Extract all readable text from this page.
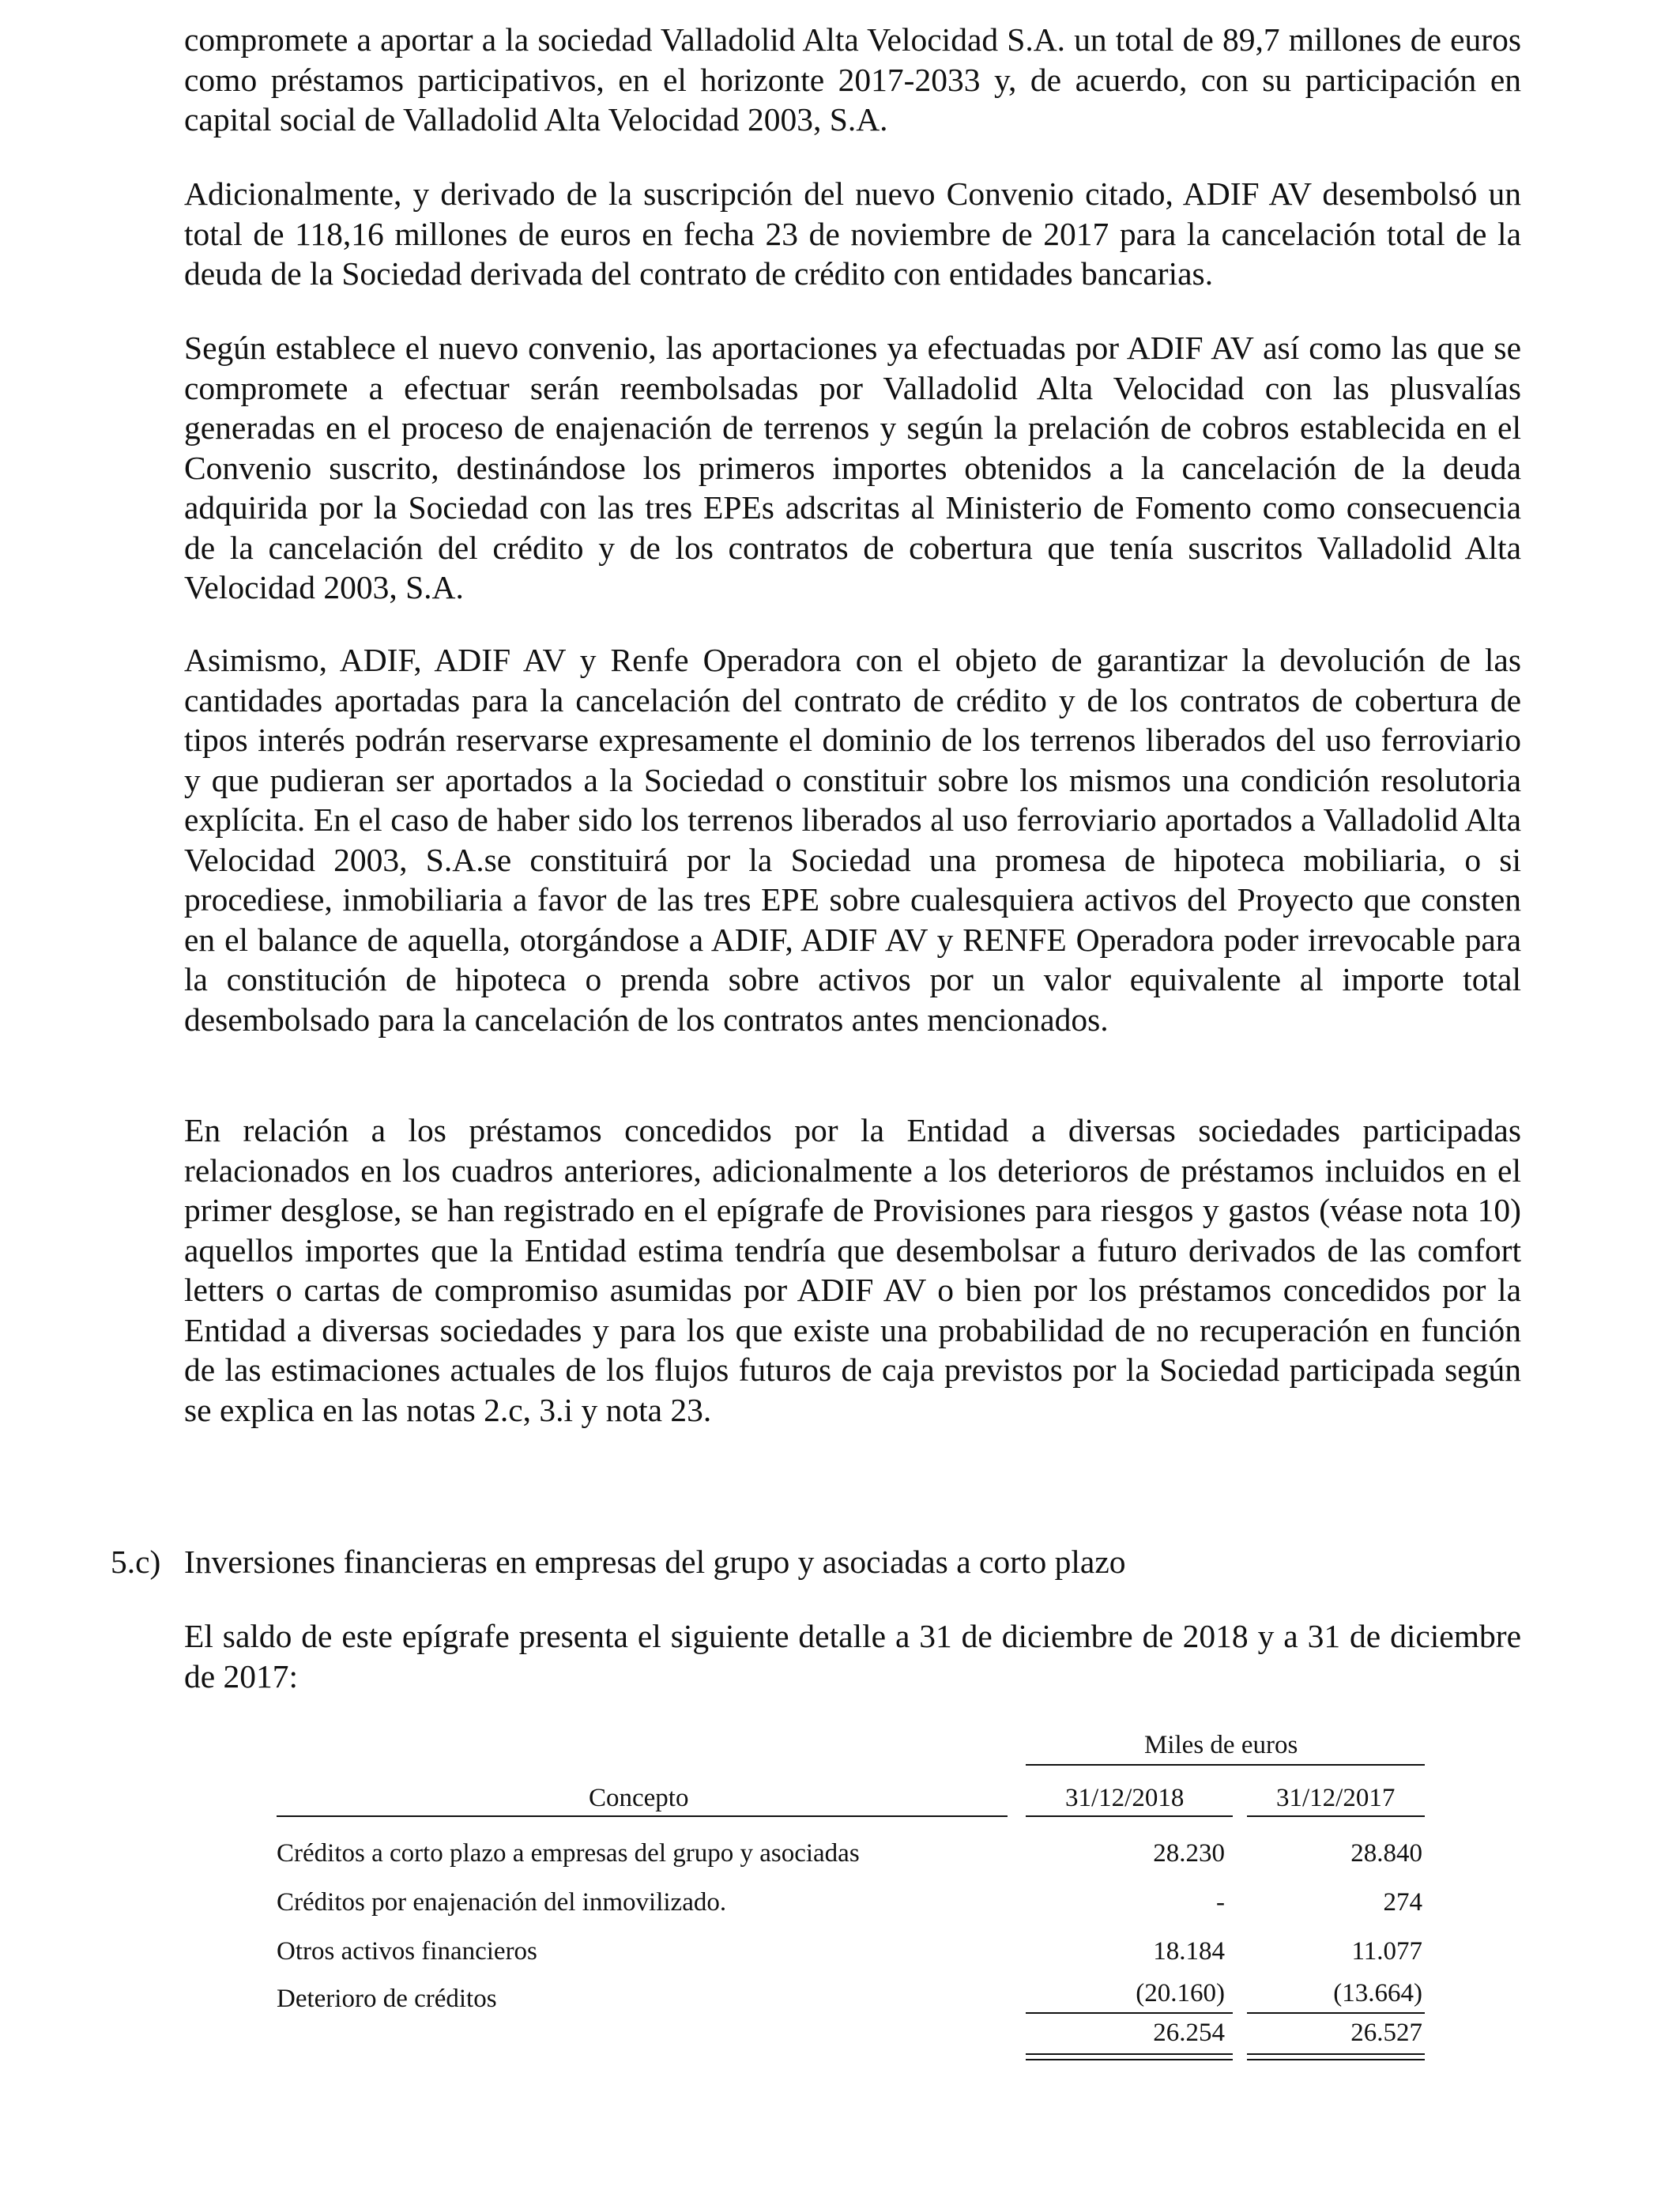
compromete a aportar a la sociedad Valladolid Alta Velocidad S.A. un total de 89,7 millones de euros como préstamos participativos, en el horizonte 2017-2033 y, de acuerdo, con su participación en capital social de Valladolid Alta Velocidad 2003, S.A.

Adicionalmente, y derivado de la suscripción del nuevo Convenio citado, ADIF AV desembolsó un total de 118,16 millones de euros en fecha 23 de noviembre de 2017 para la cancelación total de la deuda de la Sociedad derivada del contrato de crédito con entidades bancarias.

Según establece el nuevo convenio, las aportaciones ya efectuadas por ADIF AV así como las que se compromete a efectuar serán reembolsadas por Valladolid Alta Velocidad con las plusvalías generadas en el proceso de enajenación de terrenos y según la prelación de cobros establecida en el Convenio suscrito, destinándose los primeros importes obtenidos a la cancelación de la deuda adquirida por la Sociedad con las tres EPEs adscritas al Ministerio de Fomento como consecuencia de la cancelación del crédito y de los contratos de cobertura que tenía suscritos Valladolid Alta Velocidad 2003, S.A.

Asimismo, ADIF, ADIF AV y Renfe Operadora con el objeto de garantizar la devolución de las cantidades aportadas para la cancelación del contrato de crédito y de los contratos de cobertura de tipos interés podrán reservarse expresamente el dominio de los terrenos liberados del uso ferroviario y que pudieran ser aportados a la Sociedad o constituir sobre los mismos una condición resolutoria explícita. En el caso de haber sido los terrenos liberados al uso ferroviario aportados a Valladolid Alta Velocidad 2003, S.A.se constituirá por la Sociedad una promesa de hipoteca mobiliaria, o si procediese, inmobiliaria a favor de las tres EPE sobre cualesquiera activos del Proyecto que consten en el balance de aquella, otorgándose a ADIF, ADIF AV y RENFE Operadora poder irrevocable para la constitución de hipoteca o prenda sobre activos por un valor equivalente al importe total desembolsado para la cancelación de los contratos antes mencionados.

En relación a los préstamos concedidos por la Entidad a diversas sociedades participadas relacionados en los cuadros anteriores, adicionalmente a los deterioros de préstamos incluidos en el primer desglose, se han registrado en el epígrafe de Provisiones para riesgos y gastos (véase nota 10) aquellos importes que la Entidad estima tendría que desembolsar a futuro derivados de las comfort letters o cartas de compromiso asumidas por ADIF AV o bien por los préstamos concedidos por la Entidad a diversas sociedades y para los que existe una probabilidad de no recuperación en función de las estimaciones actuales de los flujos futuros de caja previstos por la Sociedad participada según se explica en las notas 2.c, 3.i y nota 23.

5.c) Inversiones financieras en empresas del grupo y asociadas a corto plazo

El saldo de este epígrafe presenta el siguiente detalle a 31 de diciembre de 2018 y a 31 de diciembre de 2017:

Miles de euros
Concepto	31/12/2018	31/12/2017
Créditos a corto plazo a empresas del grupo y asociadas	28.230	28.840
Créditos por enajenación del inmovilizado.	-	274
Otros activos financieros	18.184	11.077
Deterioro de créditos	(20.160)	(13.664)
26.254	26.527
